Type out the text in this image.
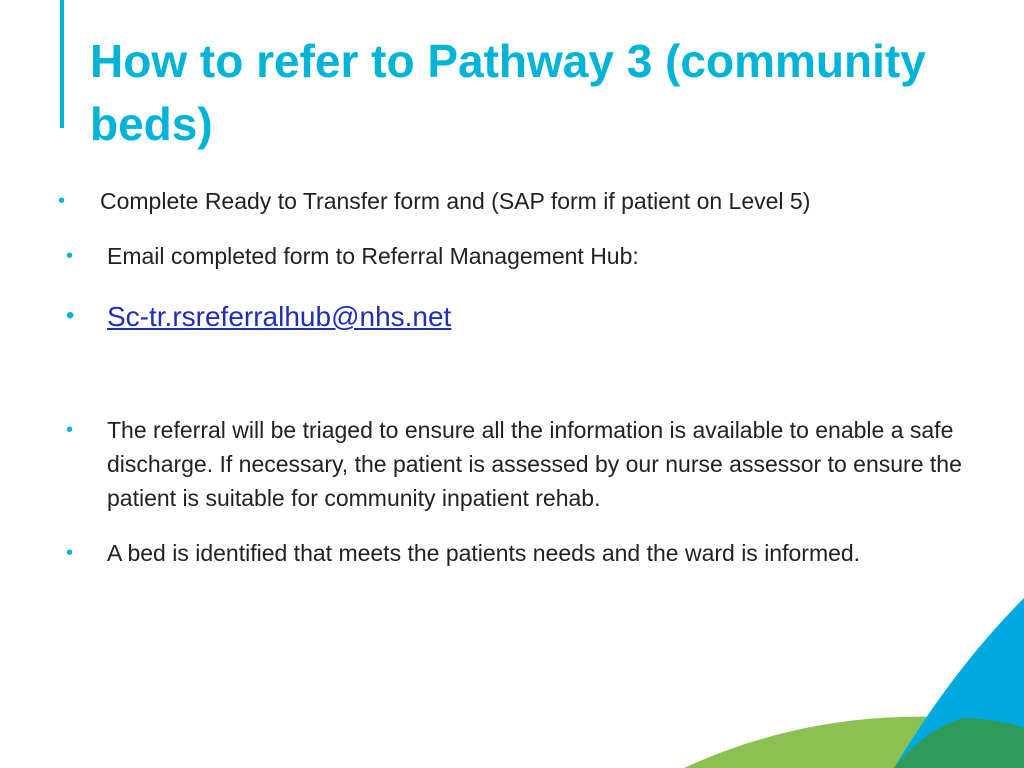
How to refer to Pathway 3 (community beds)
• Complete Ready to Transfer form and (SAP form if patient on Level 5)
• Email completed form to Referral Management Hub:
• Sc-tr.rsreferralhub@nhs.net
• The referral will be triaged to ensure all the information is available to enable a safe discharge. If necessary, the patient is assessed by our nurse assessor to ensure the patient is suitable for community inpatient rehab.
• A bed is identified that meets the patients needs and the ward is informed.
